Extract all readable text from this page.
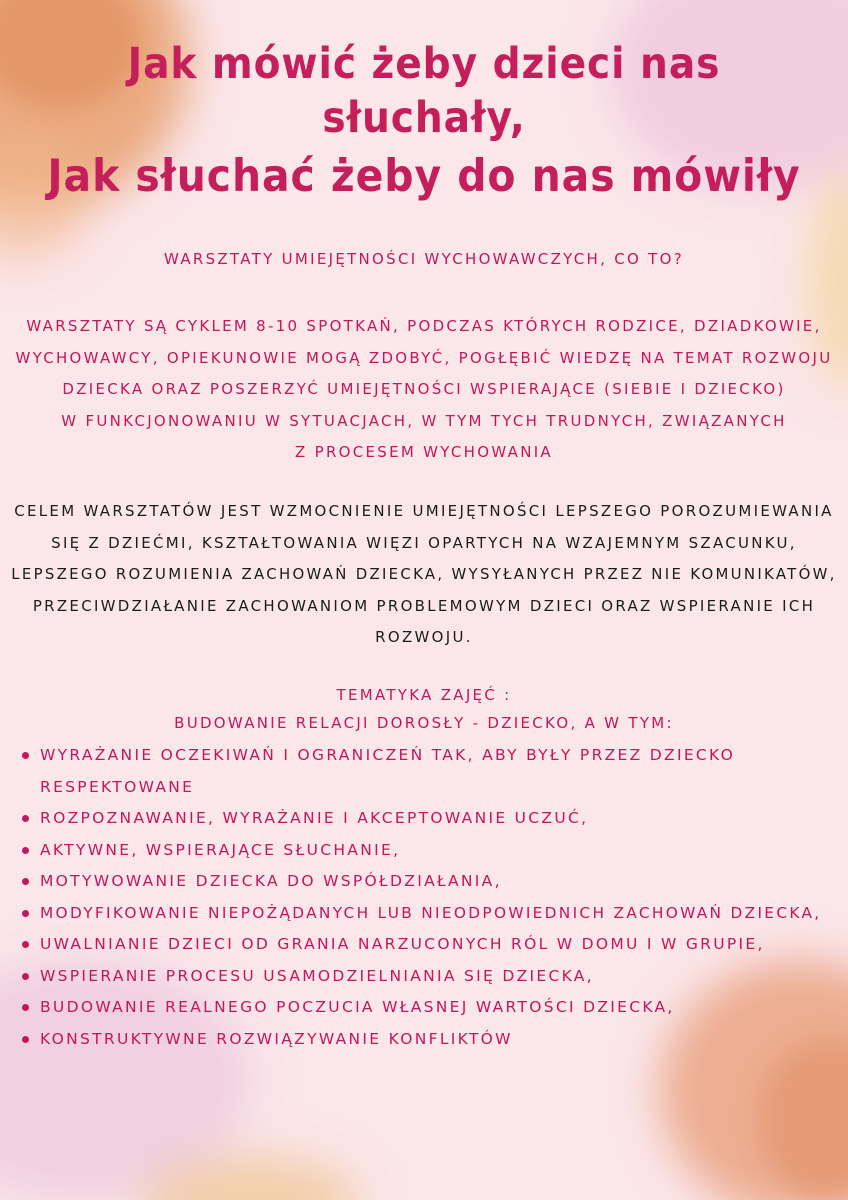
Jak mówić żeby dzieci nas
słuchały,
Jak słuchać żeby do nas mówiły

WARSZTATY UMIEJĘTNOŚCI WYCHOWAWCZYCH, CO TO?

WARSZTATY SĄ CYKLEM 8-10 SPOTKAŃ, PODCZAS KTÓRYCH RODZICE, DZIADKOWIE,

WYCHOWAWCY, OPIEKUNOWIE MOGĄ ZDOBYĆ, POGŁĘBIĆ WIEDZĘ NA TEMAT ROZWOJU

DZIECKA ORAZ POSZERZYĆ UMIEJĘTNOŚCI WSPIERAJĄCE (SIEBIE I DZIECKO)

W FUNKCJONOWANIU W SYTUACJACH, W TYM TYCH TRUDNYCH, ZWIĄZANYCH

Z PROCESEM WYCHOWANIA

CELEM WARSZTATÓW JEST WZMOCNIENIE UMIEJĘTNOŚCI LEPSZEGO POROZUMIEWANIA

SIĘ Z DZIEĆMI, KSZTAŁTOWANIA WIĘZI OPARTYCH NA WZAJEMNYM SZACUNKU,

LEPSZEGO ROZUMIENIA ZACHOWAŃ DZIECKA, WYSYŁANYCH PRZEZ NIE KOMUNIKATÓW,

PRZECIWDZIAŁANIE ZACHOWANIOM PROBLEMOWYM DZIECI ORAZ WSPIERANIE ICH

ROZWOJU.

TEMATYKA ZAJĘĆ :

BUDOWANIE RELACJI DOROSŁY - DZIECKO, A W TYM:

WYRAŻANIE OCZEKIWAŃ I OGRANICZEŃ TAK, ABY BYŁY PRZEZ DZIECKO

RESPEKTOWANE

ROZPOZNAWANIE, WYRAŻANIE I AKCEPTOWANIE UCZUĆ,

AKTYWNE, WSPIERAJĄCE SŁUCHANIE,

MOTYWOWANIE DZIECKA DO WSPÓŁDZIAŁANIA,

MODYFIKOWANIE NIEPOŻĄDANYCH LUB NIEODPOWIEDNICH ZACHOWAŃ DZIECKA,

UWALNIANIE DZIECI OD GRANIA NARZUCONYCH RÓL W DOMU I W GRUPIE,

WSPIERANIE PROCESU USAMODZIELNIANIA SIĘ DZIECKA,

BUDOWANIE REALNEGO POCZUCIA WŁASNEJ WARTOŚCI DZIECKA,

KONSTRUKTYWNE ROZWIĄZYWANIE KONFLIKTÓW
